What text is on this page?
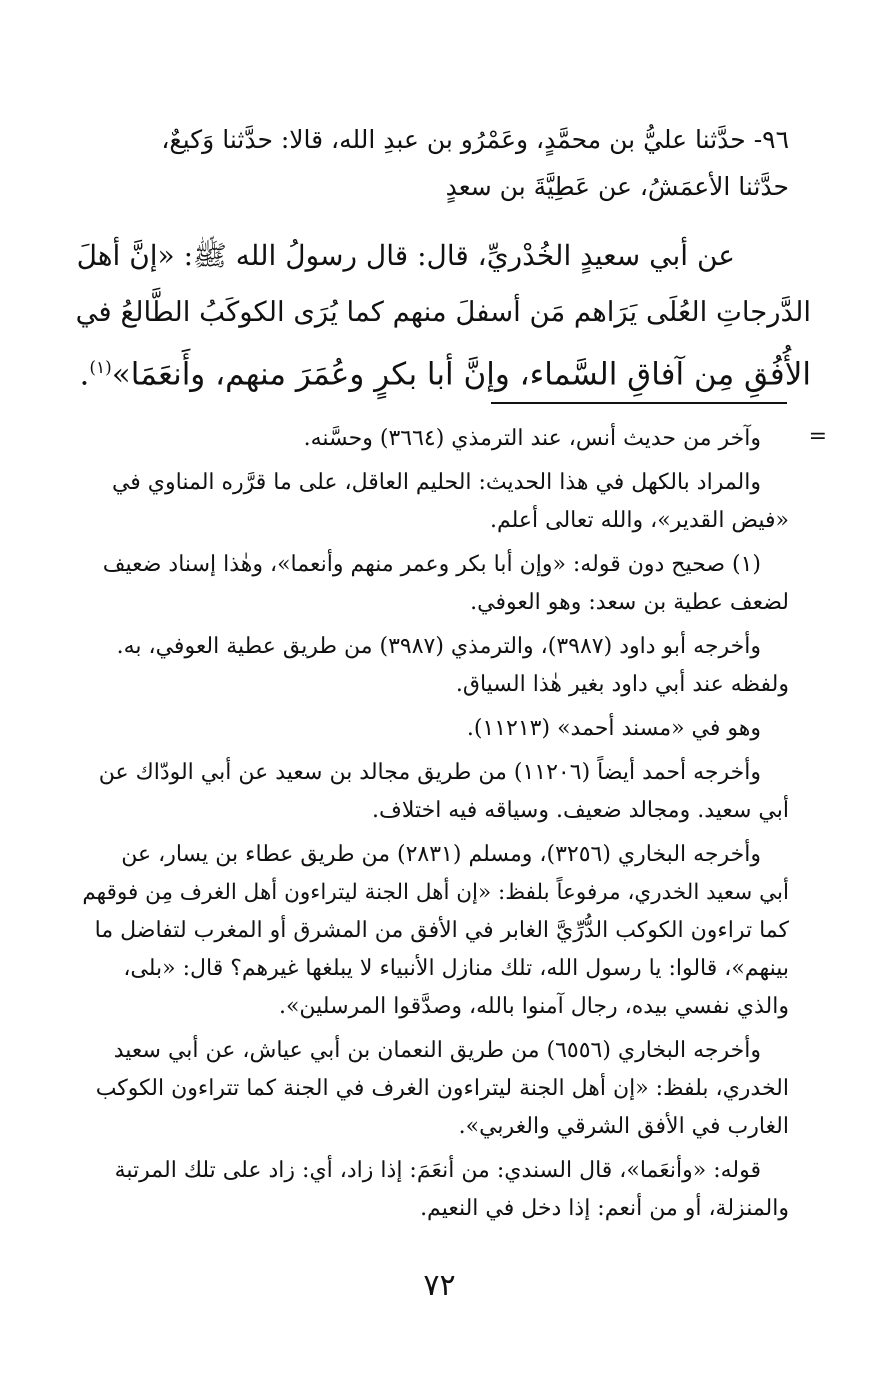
٩٦- حدَّثنا عليُّ بن محمَّدٍ، وعَمْرُو بن عبدِ الله، قالا: حدَّثنا وَكيعٌ،
حدَّثنا الأعمَشُ، عن عَطِيَّةَ بن سعدٍ
عن أبي سعيدٍ الخُدْريِّ، قال: قال رسولُ الله ﷺ: «إنَّ أهلَ
الدَّرجاتِ العُلَى يَرَاهم مَن أسفلَ منهم كما يُرَى الكوكَبُ الطَّالعُ في
الأُفُقِ مِن آفاقِ السَّماء، وإنَّ أبا بكرٍ وعُمَرَ منهم، وأَنعَمَا»$^{(١)}$.
=
وآخر من حديث أنس، عند الترمذي (٣٦٦٤) وحسَّنه.
والمراد بالكهل في هذا الحديث: الحليم العاقل، على ما قرَّره المناوي في
«فيض القدير»، والله تعالى أعلم.
(١) صحيح دون قوله: «وإن أبا بكر وعمر منهم وأنعما»، وهٰذا إسناد ضعيف
لضعف عطية بن سعد: وهو العوفي.
وأخرجه أبو داود (٣٩٨٧)، والترمذي (٣٩٨٧) من طريق عطية العوفي، به.
ولفظه عند أبي داود بغير هٰذا السياق.
وهو في «مسند أحمد» (١١٢١٣).
وأخرجه أحمد أيضاً (١١٢٠٦) من طريق مجالد بن سعيد عن أبي الودّاك عن
أبي سعيد. ومجالد ضعيف. وسياقه فيه اختلاف.
وأخرجه البخاري (٣٢٥٦)، ومسلم (٢٨٣١) من طريق عطاء بن يسار، عن
أبي سعيد الخدري، مرفوعاً بلفظ: «إن أهل الجنة ليتراءون أهل الغرف مِن فوقهم
كما تراءون الكوكب الدُّرِّيَّ الغابر في الأفق من المشرق أو المغرب لتفاضل ما
بينهم»، قالوا: يا رسول الله، تلك منازل الأنبياء لا يبلغها غيرهم؟ قال: «بلى،
والذي نفسي بيده، رجال آمنوا بالله، وصدَّقوا المرسلين».
وأخرجه البخاري (٦٥٥٦) من طريق النعمان بن أبي عياش، عن أبي سعيد
الخدري، بلفظ: «إن أهل الجنة ليتراءون الغرف في الجنة كما تتراءون الكوكب
الغارب في الأفق الشرقي والغربي».
قوله: «وأنعَما»، قال السندي: من أنعَمَ: إذا زاد، أي: زاد على تلك المرتبة
والمنزلة، أو من أنعم: إذا دخل في النعيم.
٧٢
